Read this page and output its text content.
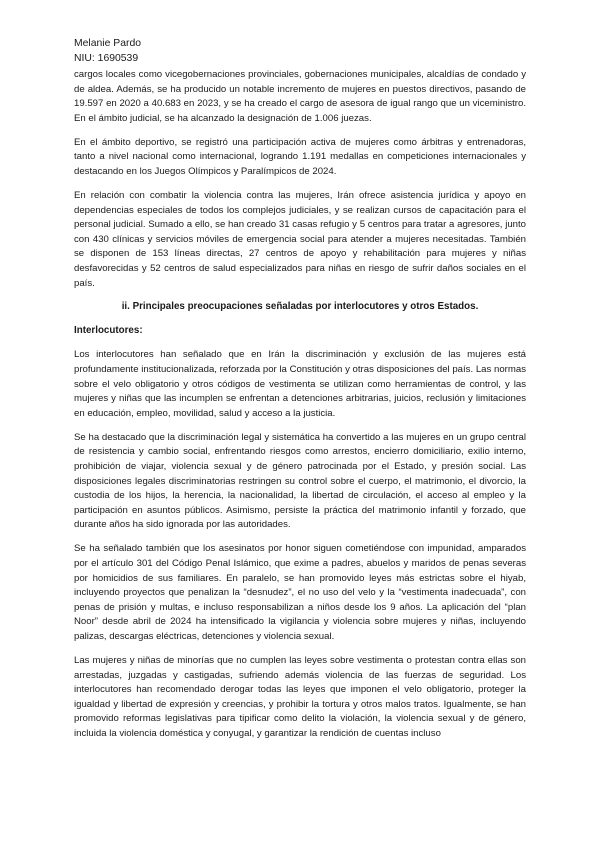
Melanie Pardo
NIU: 1690539

cargos locales como vicegobernaciones provinciales, gobernaciones municipales, alcaldías de condado y de aldea. Además, se ha producido un notable incremento de mujeres en puestos directivos, pasando de 19.597 en 2020 a 40.683 en 2023, y se ha creado el cargo de asesora de igual rango que un viceministro. En el ámbito judicial, se ha alcanzado la designación de 1.006 juezas.

En el ámbito deportivo, se registró una participación activa de mujeres como árbitras y entrenadoras, tanto a nivel nacional como internacional, logrando 1.191 medallas en competiciones internacionales y destacando en los Juegos Olímpicos y Paralímpicos de 2024.

En relación con combatir la violencia contra las mujeres, Irán ofrece asistencia jurídica y apoyo en dependencias especiales de todos los complejos judiciales, y se realizan cursos de capacitación para el personal judicial. Sumado a ello, se han creado 31 casas refugio y 5 centros para tratar a agresores, junto con 430 clínicas y servicios móviles de emergencia social para atender a mujeres necesitadas. También se disponen de 153 líneas directas, 27 centros de apoyo y rehabilitación para mujeres y niñas desfavorecidas y 52 centros de salud especializados para niñas en riesgo de sufrir daños sociales en el país.

ii. Principales preocupaciones señaladas por interlocutores y otros Estados.
Interlocutores:

Los interlocutores han señalado que en Irán la discriminación y exclusión de las mujeres está profundamente institucionalizada, reforzada por la Constitución y otras disposiciones del país. Las normas sobre el velo obligatorio y otros códigos de vestimenta se utilizan como herramientas de control, y las mujeres y niñas que las incumplen se enfrentan a detenciones arbitrarias, juicios, reclusión y limitaciones en educación, empleo, movilidad, salud y acceso a la justicia.

Se ha destacado que la discriminación legal y sistemática ha convertido a las mujeres en un grupo central de resistencia y cambio social, enfrentando riesgos como arrestos, encierro domiciliario, exilio interno, prohibición de viajar, violencia sexual y de género patrocinada por el Estado, y presión social. Las disposiciones legales discriminatorias restringen su control sobre el cuerpo, el matrimonio, el divorcio, la custodia de los hijos, la herencia, la nacionalidad, la libertad de circulación, el acceso al empleo y la participación en asuntos públicos. Asimismo, persiste la práctica del matrimonio infantil y forzado, que durante años ha sido ignorada por las autoridades.

Se ha señalado también que los asesinatos por honor siguen cometiéndose con impunidad, amparados por el artículo 301 del Código Penal Islámico, que exime a padres, abuelos y maridos de penas severas por homicidios de sus familiares. En paralelo, se han promovido leyes más estrictas sobre el hiyab, incluyendo proyectos que penalizan la “desnudez”, el no uso del velo y la “vestimenta inadecuada”, con penas de prisión y multas, e incluso responsabilizan a niños desde los 9 años. La aplicación del “plan Noor” desde abril de 2024 ha intensificado la vigilancia y violencia sobre mujeres y niñas, incluyendo palizas, descargas eléctricas, detenciones y violencia sexual.

Las mujeres y niñas de minorías que no cumplen las leyes sobre vestimenta o protestan contra ellas son arrestadas, juzgadas y castigadas, sufriendo además violencia de las fuerzas de seguridad. Los interlocutores han recomendado derogar todas las leyes que imponen el velo obligatorio, proteger la igualdad y libertad de expresión y creencias, y prohibir la tortura y otros malos tratos. Igualmente, se han promovido reformas legislativas para tipificar como delito la violación, la violencia sexual y de género, incluida la violencia doméstica y conyugal, y garantizar la rendición de cuentas incluso
